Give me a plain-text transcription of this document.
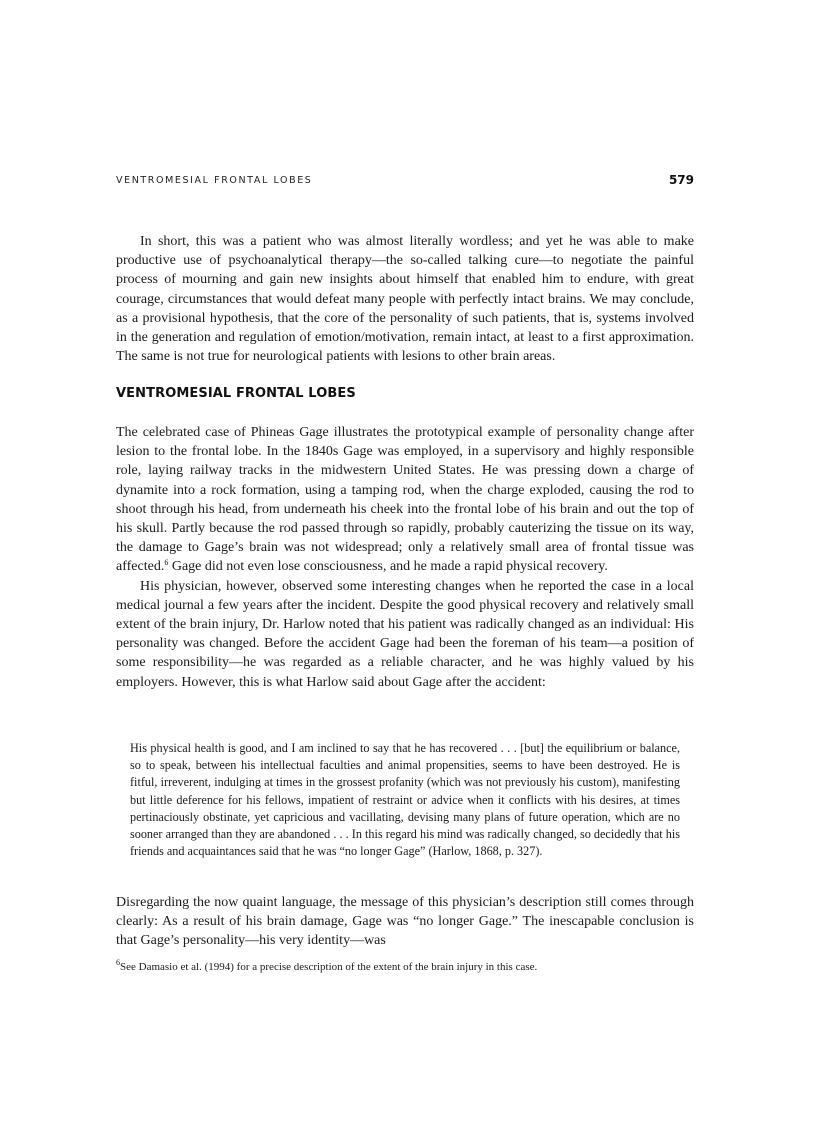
VENTROMESIAL FRONTAL LOBES	579

In short, this was a patient who was almost literally wordless; and yet he was able to make productive use of psychoanalytical therapy—the so-called talking cure—to negotiate the painful process of mourning and gain new insights about himself that enabled him to endure, with great courage, circumstances that would defeat many people with perfectly intact brains. We may conclude, as a provisional hypothesis, that the core of the personality of such patients, that is, systems involved in the generation and regulation of emotion/motivation, remain intact, at least to a first approximation. The same is not true for neurological patients with lesions to other brain areas.

VENTROMESIAL FRONTAL LOBES

The celebrated case of Phineas Gage illustrates the prototypical example of personality change after lesion to the frontal lobe. In the 1840s Gage was employed, in a supervisory and highly responsible role, laying railway tracks in the midwestern United States. He was pressing down a charge of dynamite into a rock formation, using a tamping rod, when the charge exploded, causing the rod to shoot through his head, from underneath his cheek into the frontal lobe of his brain and out the top of his skull. Partly because the rod passed through so rapidly, probably cauterizing the tissue on its way, the damage to Gage’s brain was not widespread; only a relatively small area of frontal tissue was affected.$^6$ Gage did not even lose consciousness, and he made a rapid physical recovery.

His physician, however, observed some interesting changes when he reported the case in a local medical journal a few years after the incident. Despite the good physical recovery and relatively small extent of the brain injury, Dr. Harlow noted that his patient was radically changed as an individual: His personality was changed. Before the accident Gage had been the foreman of his team—a position of some responsibility—he was regarded as a reliable character, and he was highly valued by his employers. However, this is what Harlow said about Gage after the accident:

His physical health is good, and I am inclined to say that he has recovered . . . [but] the equilibrium or balance, so to speak, between his intellectual faculties and animal propensities, seems to have been destroyed. He is fitful, irreverent, indulging at times in the grossest profanity (which was not previously his custom), manifesting but little deference for his fellows, impatient of restraint or advice when it conflicts with his desires, at times pertinaciously obstinate, yet capricious and vacillating, devising many plans of future operation, which are no sooner arranged than they are abandoned . . . In this regard his mind was radically changed, so decidedly that his friends and acquaintances said that he was “no longer Gage” (Harlow, 1868, p. 327).

Disregarding the now quaint language, the message of this physician’s description still comes through clearly: As a result of his brain damage, Gage was “no longer Gage.” The inescapable conclusion is that Gage’s personality—his very identity—was

$^6$See Damasio et al. (1994) for a precise description of the extent of the brain injury in this case.
